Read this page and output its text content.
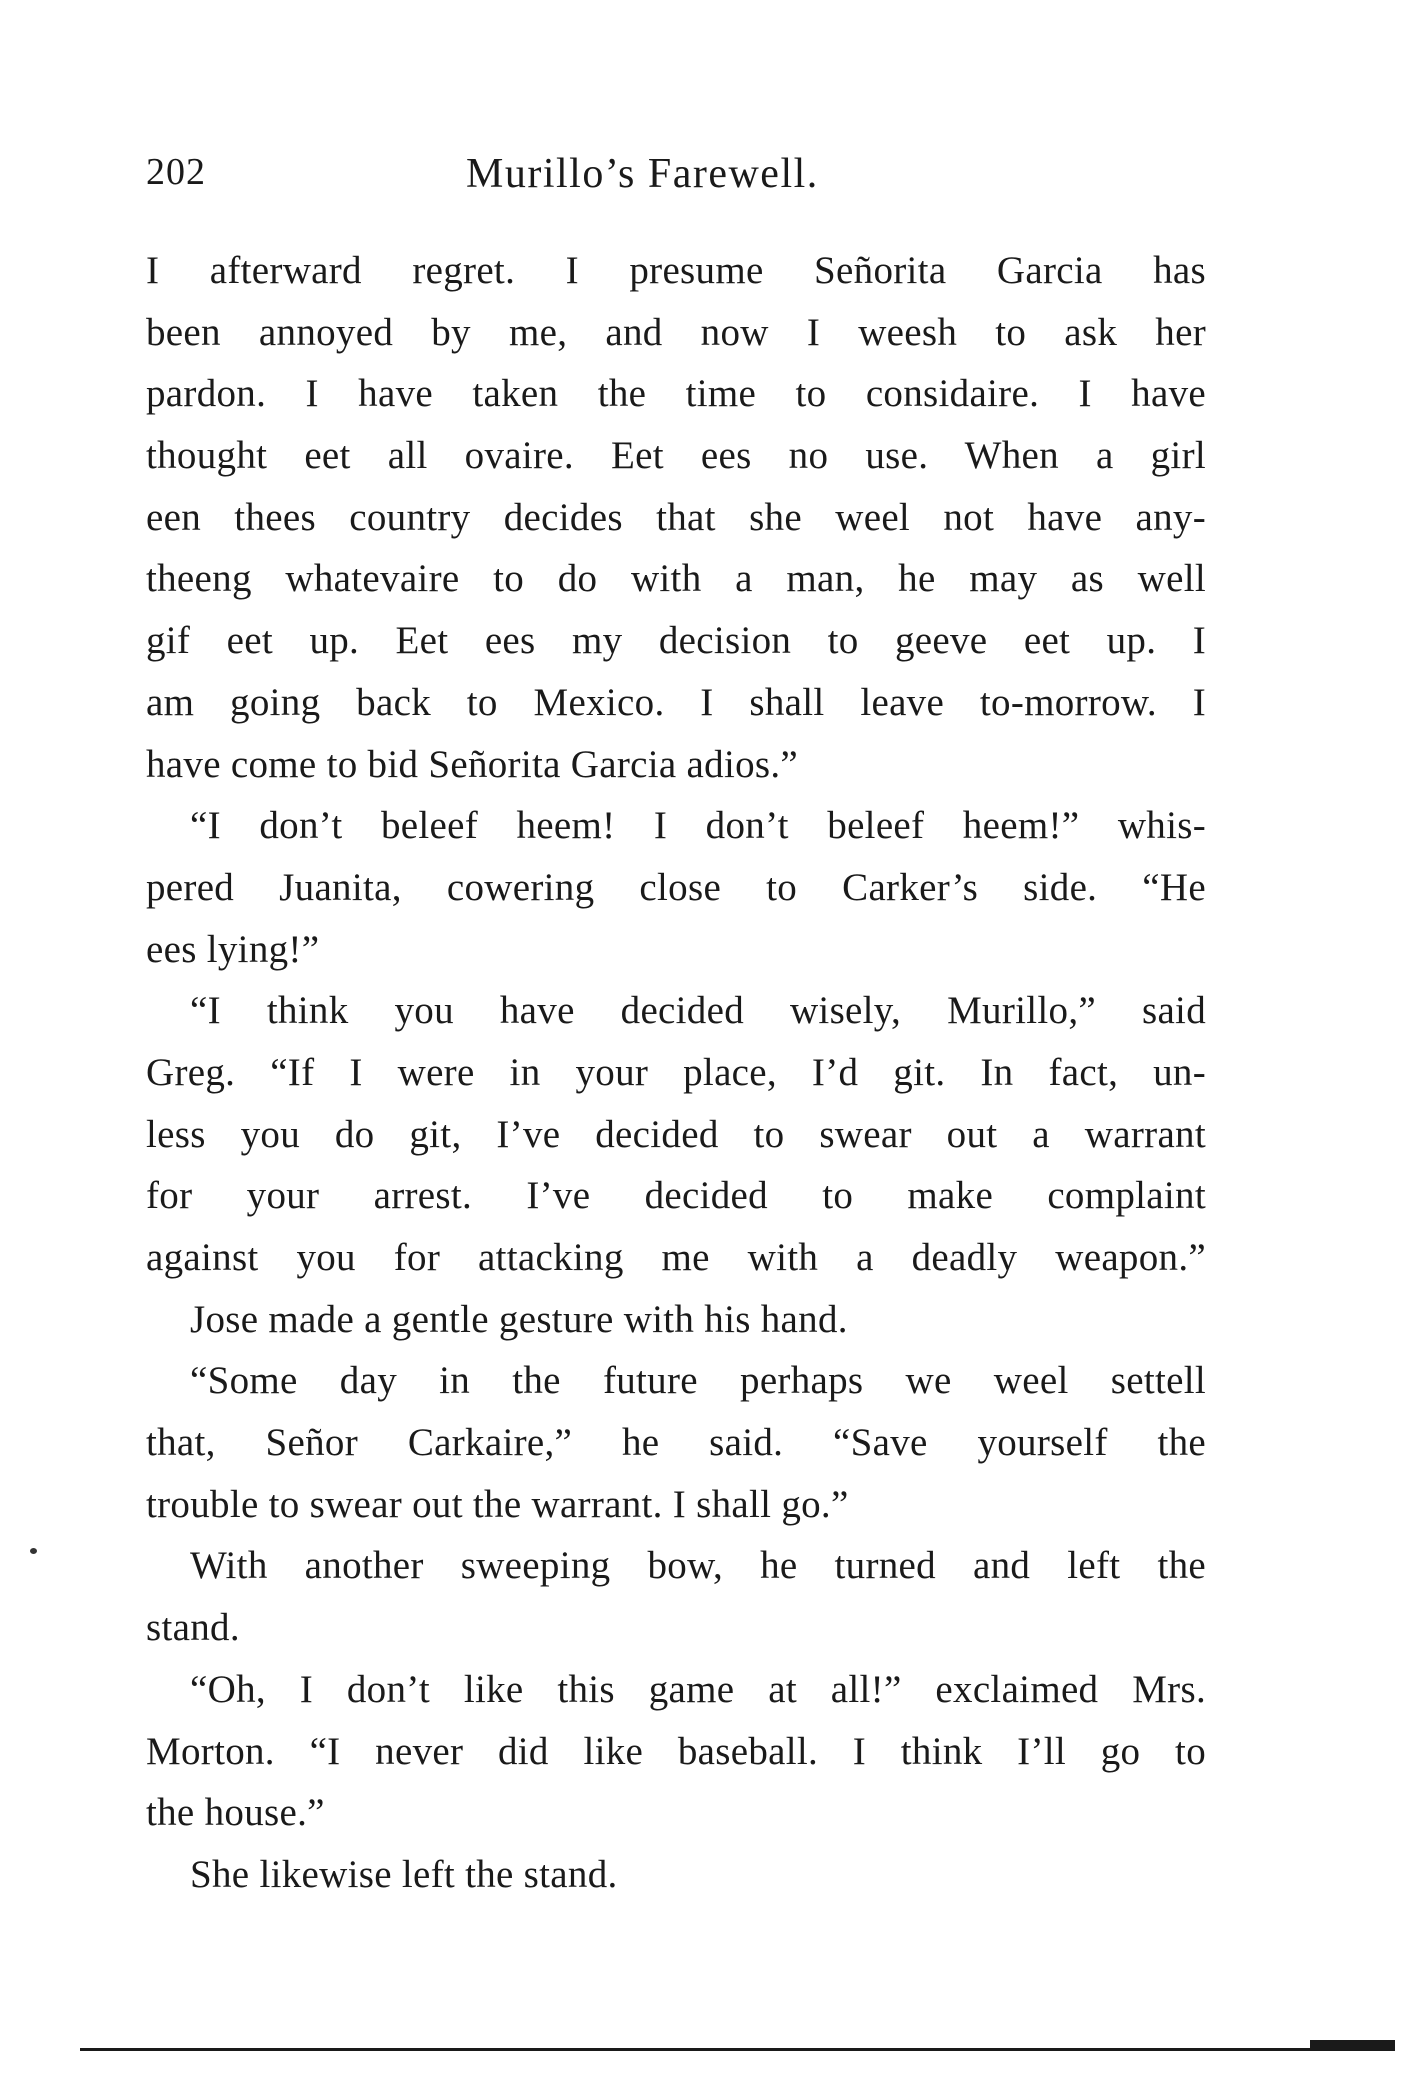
202	Murillo’s Farewell.
I afterward regret. I presume Señorita Garcia has
been annoyed by me, and now I weesh to ask her
pardon. I have taken the time to considaire. I have
thought eet all ovaire. Eet ees no use. When a girl
een thees country decides that she weel not have any-
theeng whatevaire to do with a man, he may as well
gif eet up. Eet ees my decision to geeve eet up. I
am going back to Mexico. I shall leave to-morrow. I
have come to bid Señorita Garcia adios.”
“I don’t beleef heem! I don’t beleef heem!” whis-
pered Juanita, cowering close to Carker’s side. “He
ees lying!”
“I think you have decided wisely, Murillo,” said
Greg. “If I were in your place, I’d git. In fact, un-
less you do git, I’ve decided to swear out a warrant
for your arrest. I’ve decided to make complaint
against you for attacking me with a deadly weapon.”
Jose made a gentle gesture with his hand.
“Some day in the future perhaps we weel settell
that, Señor Carkaire,” he said. “Save yourself the
trouble to swear out the warrant. I shall go.”
With another sweeping bow, he turned and left the
stand.
“Oh, I don’t like this game at all!” exclaimed Mrs.
Morton. “I never did like baseball. I think I’ll go to
the house.”
She likewise left the stand.
